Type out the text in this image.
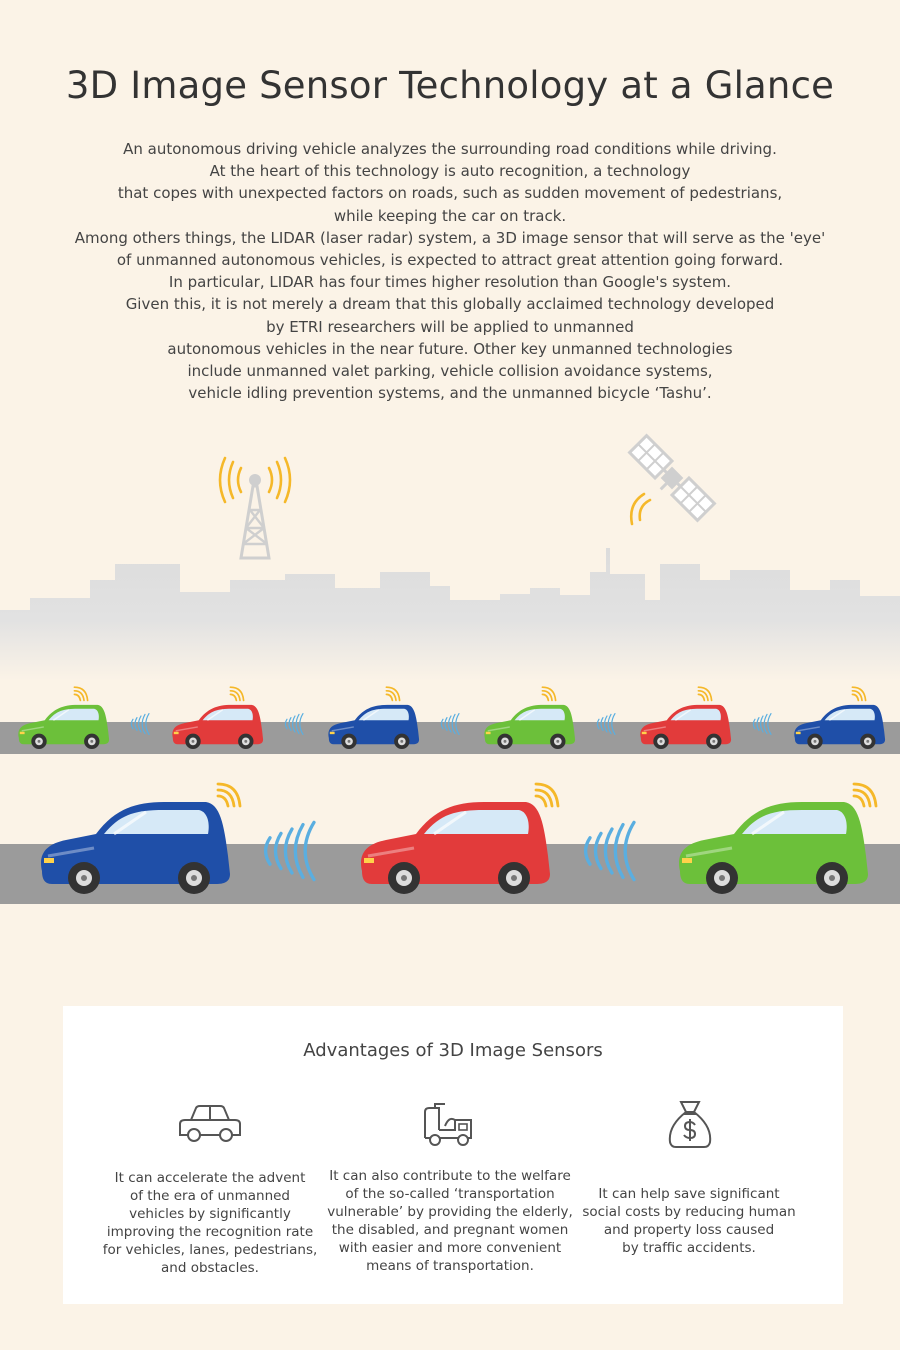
3D Image Sensor Technology at a Glance

An autonomous driving vehicle analyzes the surrounding road conditions while driving.
At the heart of this technology is auto recognition, a technology
that copes with unexpected factors on roads, such as sudden movement of pedestrians,
while keeping the car on track.
Among others things, the LIDAR (laser radar) system, a 3D image sensor that will serve as the 'eye'
of unmanned autonomous vehicles, is expected to attract great attention going forward.
In particular, LIDAR has four times higher resolution than Google's system.
Given this, it is not merely a dream that this globally acclaimed technology developed
by ETRI researchers will be applied to unmanned
autonomous vehicles in the near future. Other key unmanned technologies
include unmanned valet parking, vehicle collision avoidance systems,
vehicle idling prevention systems, and the unmanned bicycle ‘Tashu’.

Advantages of 3D Image Sensors
It can accelerate the advent
of the era of unmanned
vehicles by significantly
improving the recognition rate
for vehicles, lanes, pedestrians,
and obstacles.
It can also contribute to the welfare
of the so-called ‘transportation
vulnerable’ by providing the elderly,
the disabled, and pregnant women
with easier and more convenient
means of transportation.
It can help save significant
social costs by reducing human
and property loss caused
by traffic accidents.
